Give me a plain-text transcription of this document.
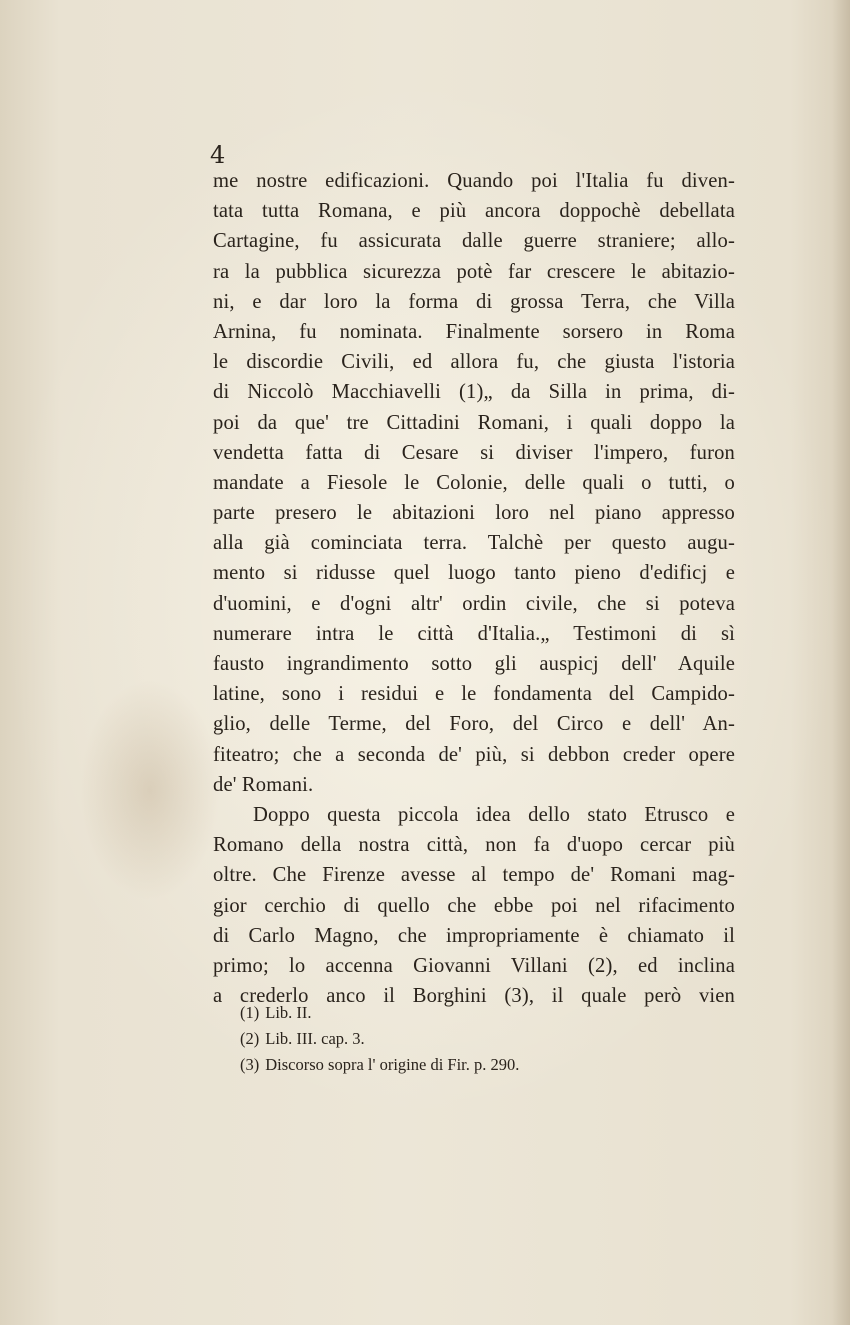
4

me nostre edificazioni. Quando poi l'Italia fu diven-
tata tutta Romana, e più ancora doppochè debellata
Cartagine, fu assicurata dalle guerre straniere; allo-
ra la pubblica sicurezza potè far crescere le abitazio-
ni, e dar loro la forma di grossa Terra, che Villa
Arnina, fu nominata. Finalmente sorsero in Roma
le discordie Civili, ed allora fu, che giusta l'istoria
di Niccolò Macchiavelli (1)„ da Silla in prima, di-
poi da que' tre Cittadini Romani, i quali doppo la
vendetta fatta di Cesare si diviser l'impero, furon
mandate a Fiesole le Colonie, delle quali o tutti, o
parte presero le abitazioni loro nel piano appresso
alla già cominciata terra. Talchè per questo augu-
mento si ridusse quel luogo tanto pieno d'edificj e
d'uomini, e d'ogni altr' ordin civile, che si poteva
numerare intra le città d'Italia.„ Testimoni di sì
fausto ingrandimento sotto gli auspicj dell' Aquile
latine, sono i residui e le fondamenta del Campido-
glio, delle Terme, del Foro, del Circo e dell' An-
fiteatro; che a seconda de' più, si debbon creder opere
de' Romani.
Doppo questa piccola idea dello stato Etrusco e
Romano della nostra città, non fa d'uopo cercar più
oltre. Che Firenze avesse al tempo de' Romani mag-
gior cerchio di quello che ebbe poi nel rifacimento
di Carlo Magno, che impropriamente è chiamato il
primo; lo accenna Giovanni Villani (2), ed inclina
a crederlo anco il Borghini (3), il quale però vien
(1) Lib. II.
(2) Lib. III. cap. 3.
(3) Discorso sopra l' origine di Fir. p. 290.
